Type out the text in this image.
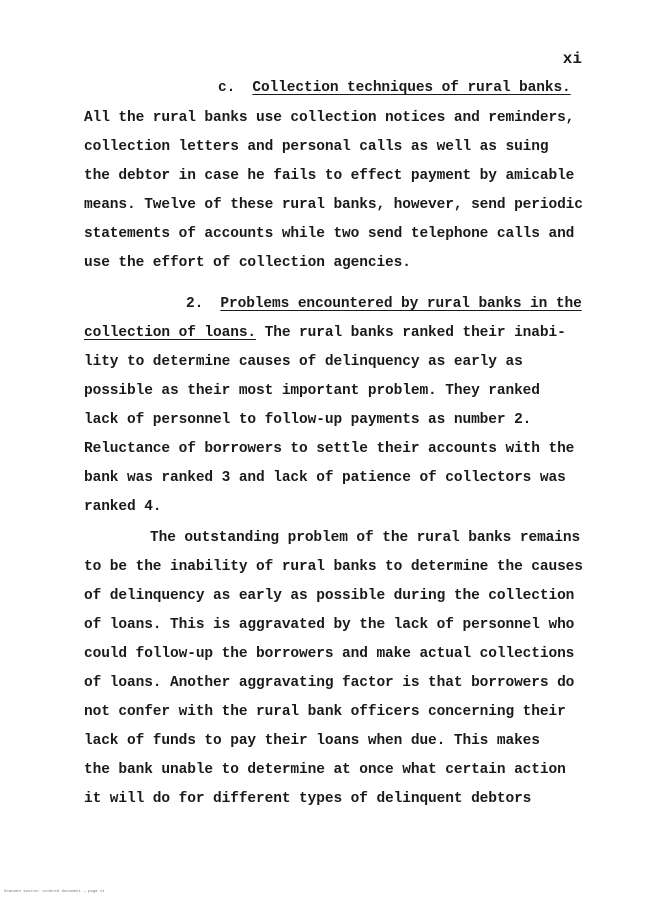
xi
c. Collection techniques of rural banks.
All the rural banks use collection notices and reminders,
collection letters and personal calls as well as suing
the debtor in case he fails to effect payment by amicable
means. Twelve of these rural banks, however, send periodic
statements of accounts while two send telephone calls and
use the effort of collection agencies.
2. Problems encountered by rural banks in the
collection of loans. The rural banks ranked their inabi-
lity to determine causes of delinquency as early as
possible as their most important problem. They ranked
lack of personnel to follow-up payments as number 2.
Reluctance of borrowers to settle their accounts with the
bank was ranked 3 and lack of patience of collectors was
ranked 4.
The outstanding problem of the rural banks remains
to be the inability of rural banks to determine the causes
of delinquency as early as possible during the collection
of loans. This is aggravated by the lack of personnel who
could follow-up the borrowers and make actual collections
of loans. Another aggravating factor is that borrowers do
not confer with the rural bank officers concerning their
lack of funds to pay their loans when due. This makes
the bank unable to determine at once what certain action
it will do for different types of delinquent debtors
Scanned source: ordered document — page xi
